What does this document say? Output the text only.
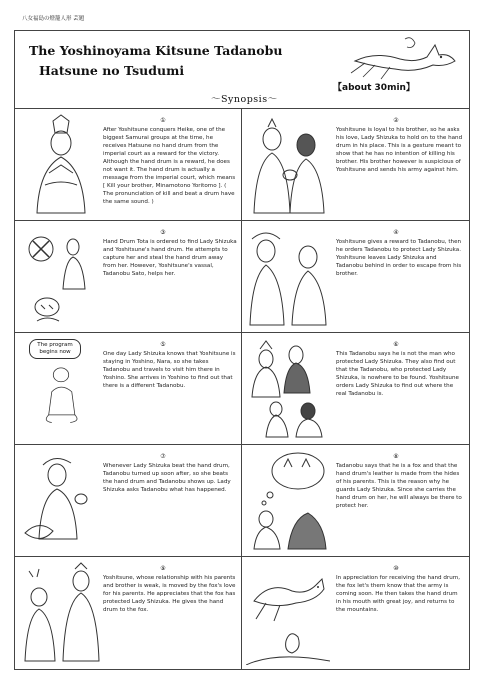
八女福島の燈籠人形 芸題
The Yoshinoyama Kitsune Tadanobu
Hatsune no Tsudumi
～Synopsis～
【about 30min】
①
After Yoshitsune conquers Heike, one of the biggest Samurai groups at the time, he receives Hatsune no hand drum from the imperial court as a reward for the victory. Although the hand drum is a reward, he does not want it. The hand drum is actually a message from the imperial court, which means [ Kill your brother, Minamotono Yoritomo ]. ( The pronunciation of kill and beat a drum have the same sound. )
②
Yoshitsune is loyal to his brother, so he asks his love, Lady Shizuka to hold on to the hand drum in his place. This is a gesture meant to show that he has no intention of killing his brother. His brother however is suspicious of Yoshitsune and sends his army against him.
③
Hand Drum Tota is ordered to find Lady Shizuka and Yoshitsune's hand drum. He attempts to capture her and steal the hand drum away from her. However, Yoshitsune's vassal, Tadanobu Sato, helps her.
④
Yoshitsune gives a reward to Tadanobu, then he orders Tadanobu to protect Lady Shizuka. Yoshitsune leaves Lady Shizuka and Tadanobu behind in order to escape from his brother.
The program begins now
⑤
One day Lady Shizuka knows that Yoshitsune is staying in Yoshino, Nara, so she takes Tadanobu and travels to visit him there in Yoshino. She arrives in Yoshino to find out that there is a different Tadanobu.
⑥
This Tadanobu says he is not the man who protected Lady Shizuka. They also find out that the Tadanobu, who protected Lady Shizuka, is nowhere to be found. Yoshitsune orders Lady Shizuka to find out where the real Tadanobu is.
⑦
Whenever Lady Shizuka beat the hand drum, Tadanobu turned up soon after, so she beats the hand drum and Tadanobu shows up. Lady Shizuka asks Tadanobu what has happened.
⑧
Tadanobu says that he is a fox and that the hand drum's leather is made from the hides of his parents. This is the reason why he guards Lady Shizuka. Since she carries the hand drum on her, he will always be there to protect her.
⑨
Yoshitsune, whose relationship with his parents and brother is weak, is moved by the fox's love for his parents. He appreciates that the fox has protected Lady Shizuka. He gives the hand drum to the fox.
⑩
In appreciation for receiving the hand drum, the fox let's them know that the army is coming soon. He then takes the hand drum in his mouth with great joy, and returns to the mountains.
